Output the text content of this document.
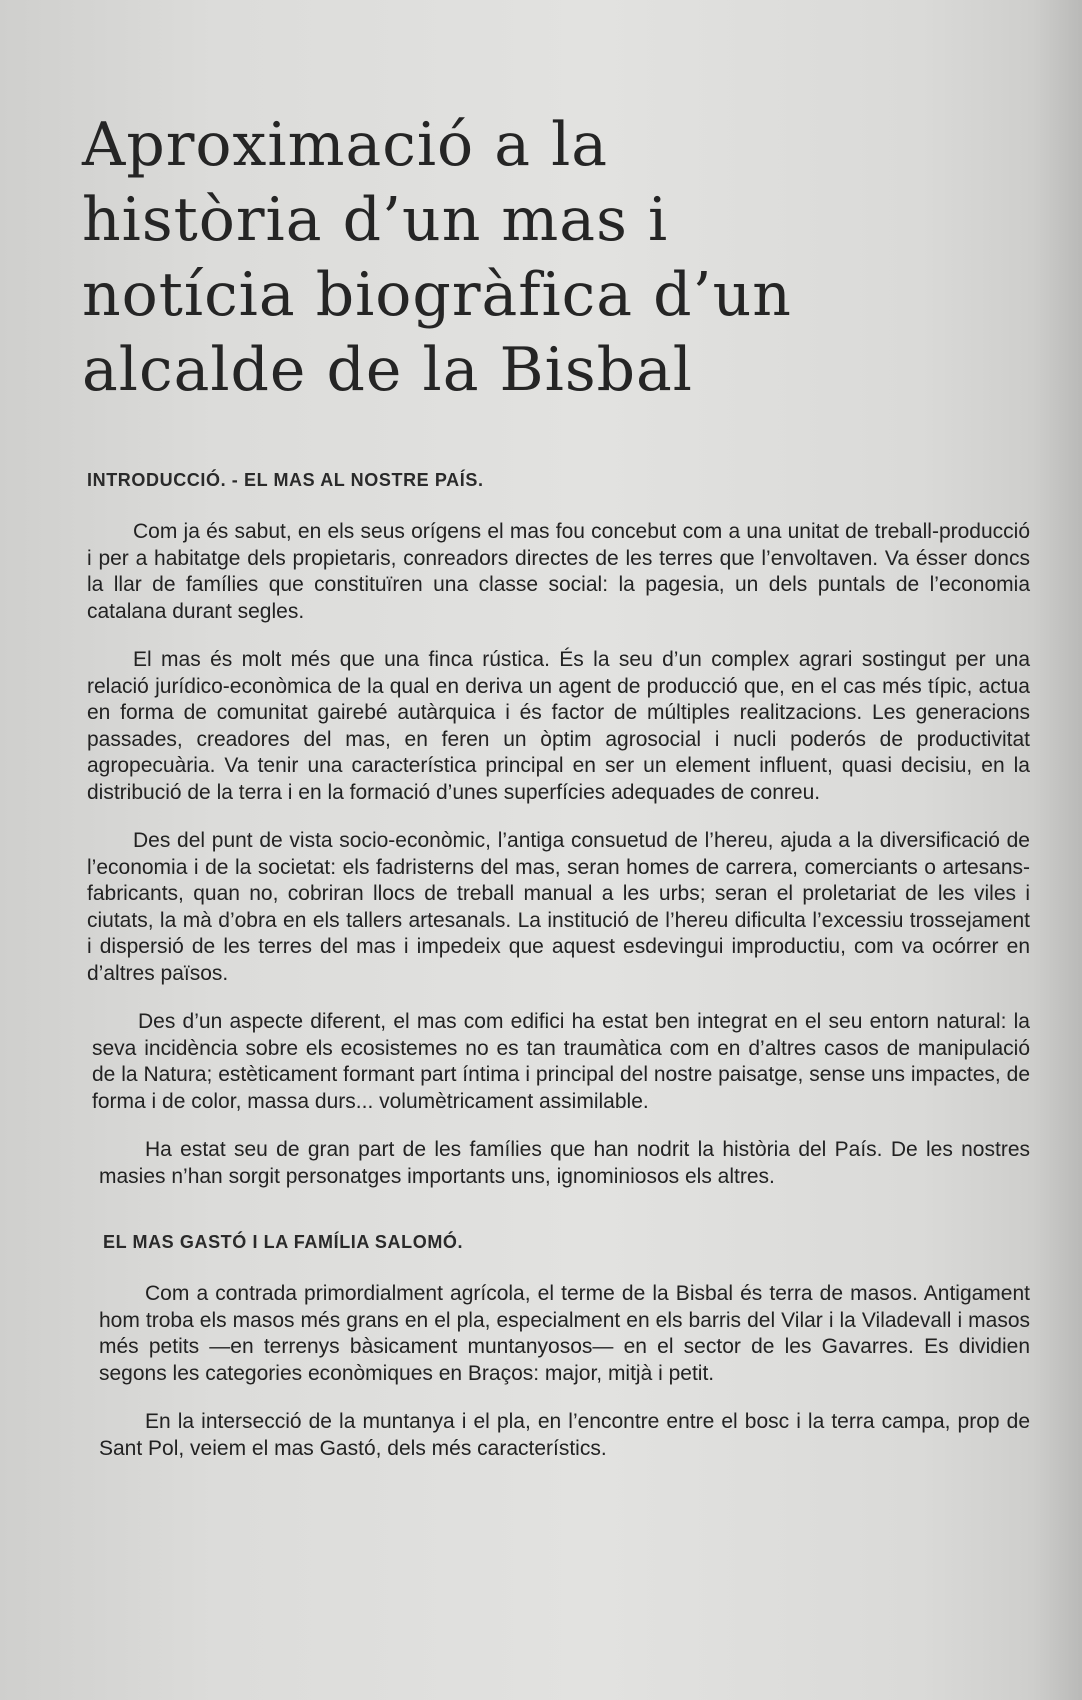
Aproximació a la
història d’un mas i
notícia biogràfica d’un
alcalde de la Bisbal
INTRODUCCIÓ. - EL MAS AL NOSTRE PAÍS.

Com ja és sabut, en els seus orígens el mas fou concebut com a una unitat de treball-producció i per a habitatge dels propietaris, conreadors directes de les terres que l’envoltaven. Va ésser doncs la llar de famílies que constituïren una classe social: la pagesia, un dels puntals de l’economia catalana durant segles.

El mas és molt més que una finca rústica. És la seu d’un complex agrari sostingut per una relació jurídico-econòmica de la qual en deriva un agent de producció que, en el cas més típic, actua en forma de comunitat gairebé autàrquica i és factor de múltiples realitzacions. Les generacions passades, creadores del mas, en feren un òptim agrosocial i nucli poderós de productivitat agropecuària. Va tenir una característica principal en ser un element influent, quasi decisiu, en la distribució de la terra i en la formació d’unes superfícies adequades de conreu.

Des del punt de vista socio-econòmic, l’antiga consuetud de l’hereu, ajuda a la diversificació de l’economia i de la societat: els fadristerns del mas, seran homes de carrera, comerciants o artesans-fabricants, quan no, cobriran llocs de treball manual a les urbs; seran el proletariat de les viles i ciutats, la mà d’obra en els tallers artesanals. La institució de l’hereu dificulta l’excessiu trossejament i dispersió de les terres del mas i impedeix que aquest esdevingui improductiu, com va ocórrer en d’altres països.

Des d’un aspecte diferent, el mas com edifici ha estat ben integrat en el seu entorn natural: la seva incidència sobre els ecosistemes no es tan traumàtica com en d’altres casos de manipulació de la Natura; estèticament formant part íntima i principal del nostre paisatge, sense uns impactes, de forma i de color, massa durs... volumètricament assimilable.

Ha estat seu de gran part de les famílies que han nodrit la història del País. De les nostres masies n’han sorgit personatges importants uns, ignominiosos els altres.

EL MAS GASTÓ I LA FAMÍLIA SALOMÓ.

Com a contrada primordialment agrícola, el terme de la Bisbal és terra de masos. Antigament hom troba els masos més grans en el pla, especialment en els barris del Vilar i la Viladevall i masos més petits —en terrenys bàsicament muntanyosos— en el sector de les Gavarres. Es dividien segons les categories econòmiques en Braços: major, mitjà i petit.

En la intersecció de la muntanya i el pla, en l’encontre entre el bosc i la terra campa, prop de Sant Pol, veiem el mas Gastó, dels més característics.
